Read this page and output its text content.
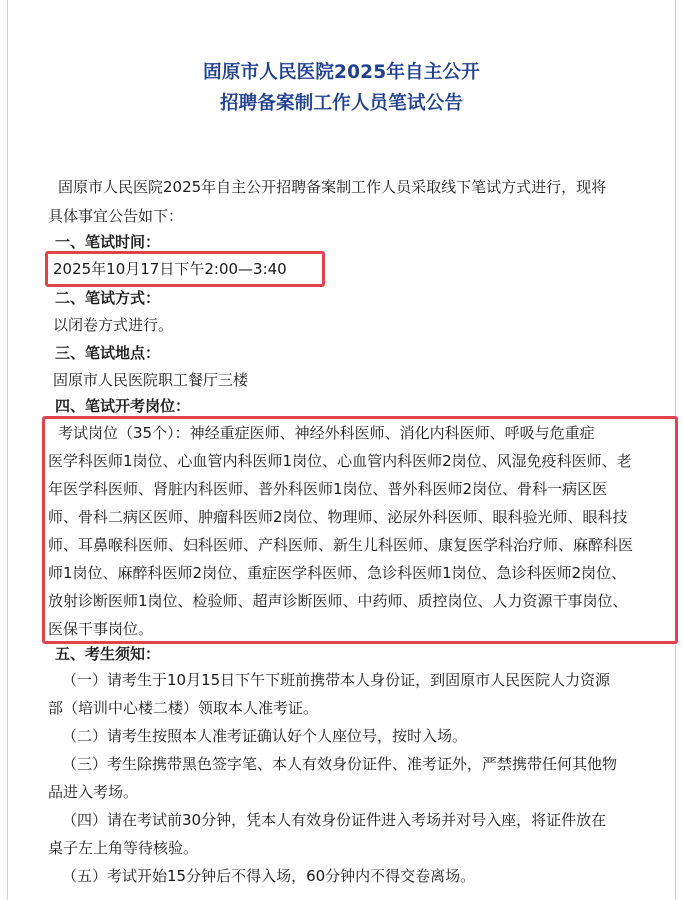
固原市人民医院2025年自主公开
招聘备案制工作人员笔试公告
固原市人民医院2025年自主公开招聘备案制工作人员采取线下笔试方式进行，现将
具体事宜公告如下：
一、笔试时间：
2025年10月17日下午2:00—3:40
二、笔试方式：
以闭卷方式进行。
三、笔试地点：
固原市人民医院职工餐厅三楼
四、笔试开考岗位：
考试岗位（35个）：神经重症医师、神经外科医师、消化内科医师、呼吸与危重症
医学科医师1岗位、心血管内科医师1岗位、心血管内科医师2岗位、风湿免疫科医师、老
年医学科医师、肾脏内科医师、普外科医师1岗位、普外科医师2岗位、骨科一病区医
师、骨科二病区医师、肿瘤科医师2岗位、物理师、泌尿外科医师、眼科验光师、眼科技
师、耳鼻喉科医师、妇科医师、产科医师、新生儿科医师、康复医学科治疗师、麻醉科医
师1岗位、麻醉科医师2岗位、重症医学科医师、急诊科医师1岗位、急诊科医师2岗位、
放射诊断医师1岗位、检验师、超声诊断医师、中药师、质控岗位、人力资源干事岗位、
医保干事岗位。
五、考生须知：
（一）请考生于10月15日下午下班前携带本人身份证，到固原市人民医院人力资源
部（培训中心楼二楼）领取本人准考证。
（二）请考生按照本人准考证确认好个人座位号，按时入场。
（三）考生除携带黑色签字笔、本人有效身份证件、准考证外，严禁携带任何其他物
品进入考场。
（四）请在考试前30分钟，凭本人有效身份证件进入考场并对号入座，将证件放在
桌子左上角等待核验。
（五）考试开始15分钟后不得入场，60分钟内不得交卷离场。
